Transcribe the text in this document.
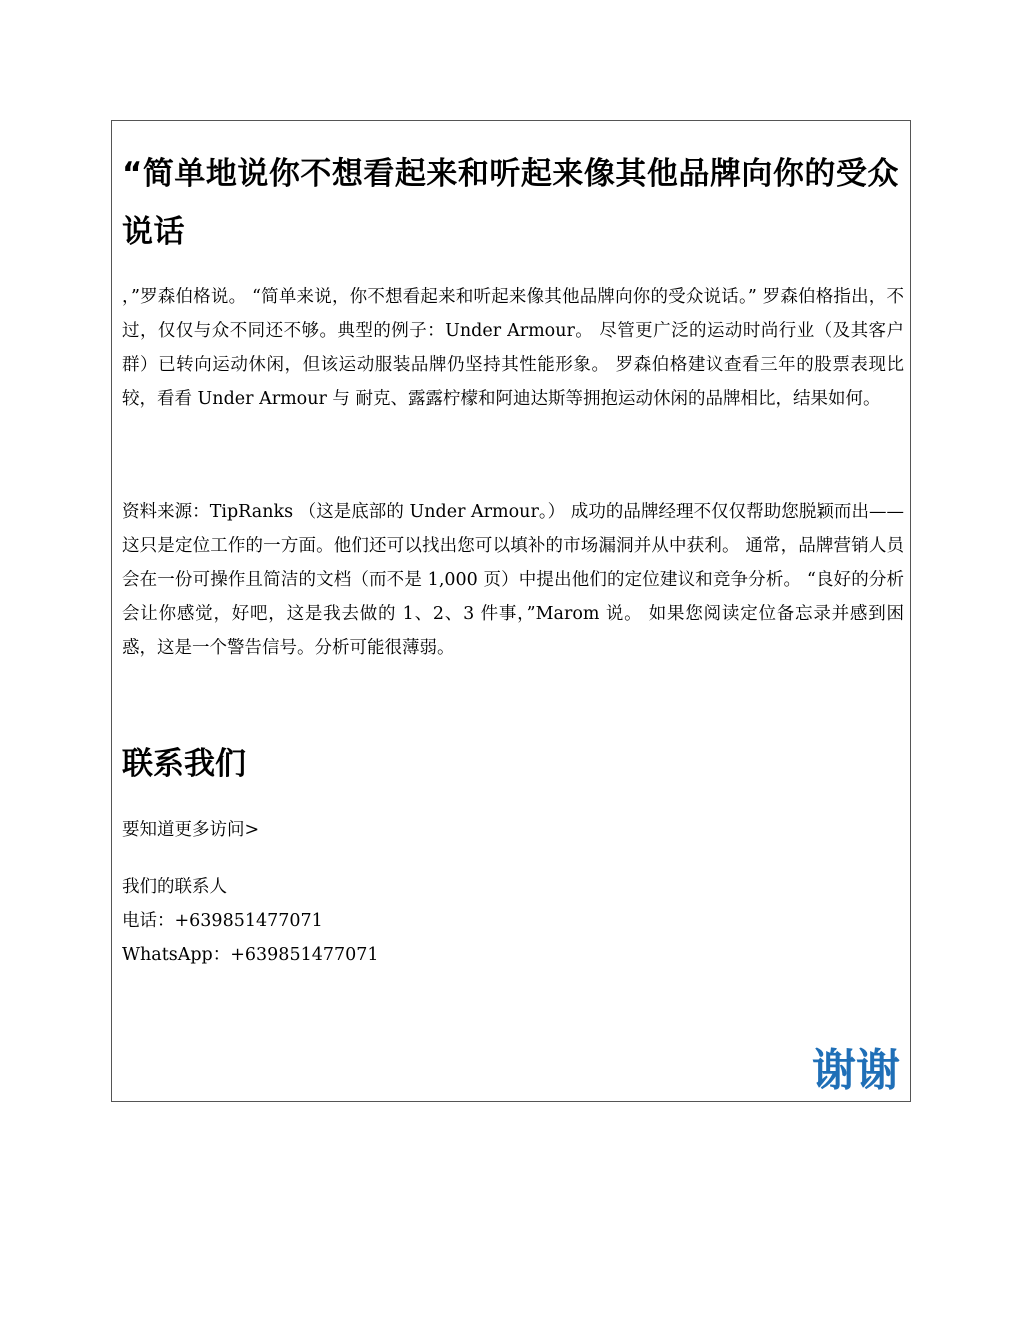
“简单地说你不想看起来和听起来像其他品牌向你的受众说话

，”罗森伯格说。 “简单来说，你不想看起来和听起来像其他品牌向你的受众说话。” 罗森伯格指出，不过，仅仅与众不同还不够。典型的例子：Under Armour。 尽管更广泛的运动时尚行业（及其客户群）已转向运动休闲，但该运动服装品牌仍坚持其性能形象。 罗森伯格建议查看三年的股票表现比较，看看 Under Armour 与 耐克、露露柠檬和阿迪达斯等拥抱运动休闲的品牌相比，结果如何。

资料来源：TipRanks （这是底部的 Under Armour。） 成功的品牌经理不仅仅帮助您脱颖而出——这只是定位工作的一方面。他们还可以找出您可以填补的市场漏洞并从中获利。 通常，品牌营销人员会在一份可操作且简洁的文档（而不是 1,000 页）中提出他们的定位建议和竞争分析。 “良好的分析会让你感觉，好吧，这是我去做的 1、2、3 件事，”Marom 说。 如果您阅读定位备忘录并感到困惑，这是一个警告信号。分析可能很薄弱。

联系我们

要知道更多访问>

我们的联系人

电话：+639851477071

WhatsApp：+639851477071

谢谢
